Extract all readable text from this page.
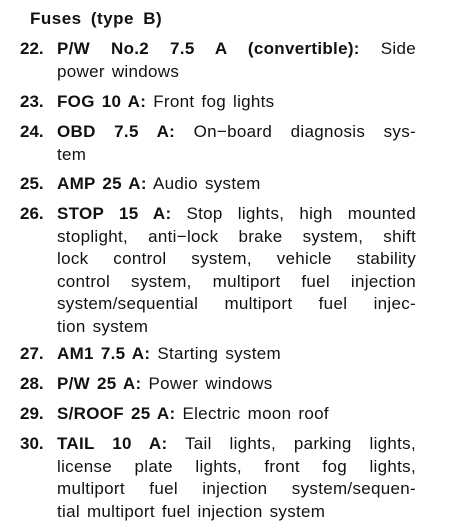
Fuses (type B)
22. P/W No.2 7.5 A (convertible): Side
power windows
23. FOG 10 A: Front fog lights
24. OBD 7.5 A: On−board diagnosis sys-
tem
25. AMP 25 A: Audio system
26. STOP 15 A: Stop lights, high mounted
stoplight, anti−lock brake system, shift
lock control system, vehicle stability
control system, multiport fuel injection
system/sequential multiport fuel injec-
tion system
27. AM1 7.5 A: Starting system
28. P/W 25 A: Power windows
29. S/ROOF 25 A: Electric moon roof
30. TAIL 10 A: Tail lights, parking lights,
license plate lights, front fog lights,
multiport fuel injection system/sequen-
tial multiport fuel injection system
